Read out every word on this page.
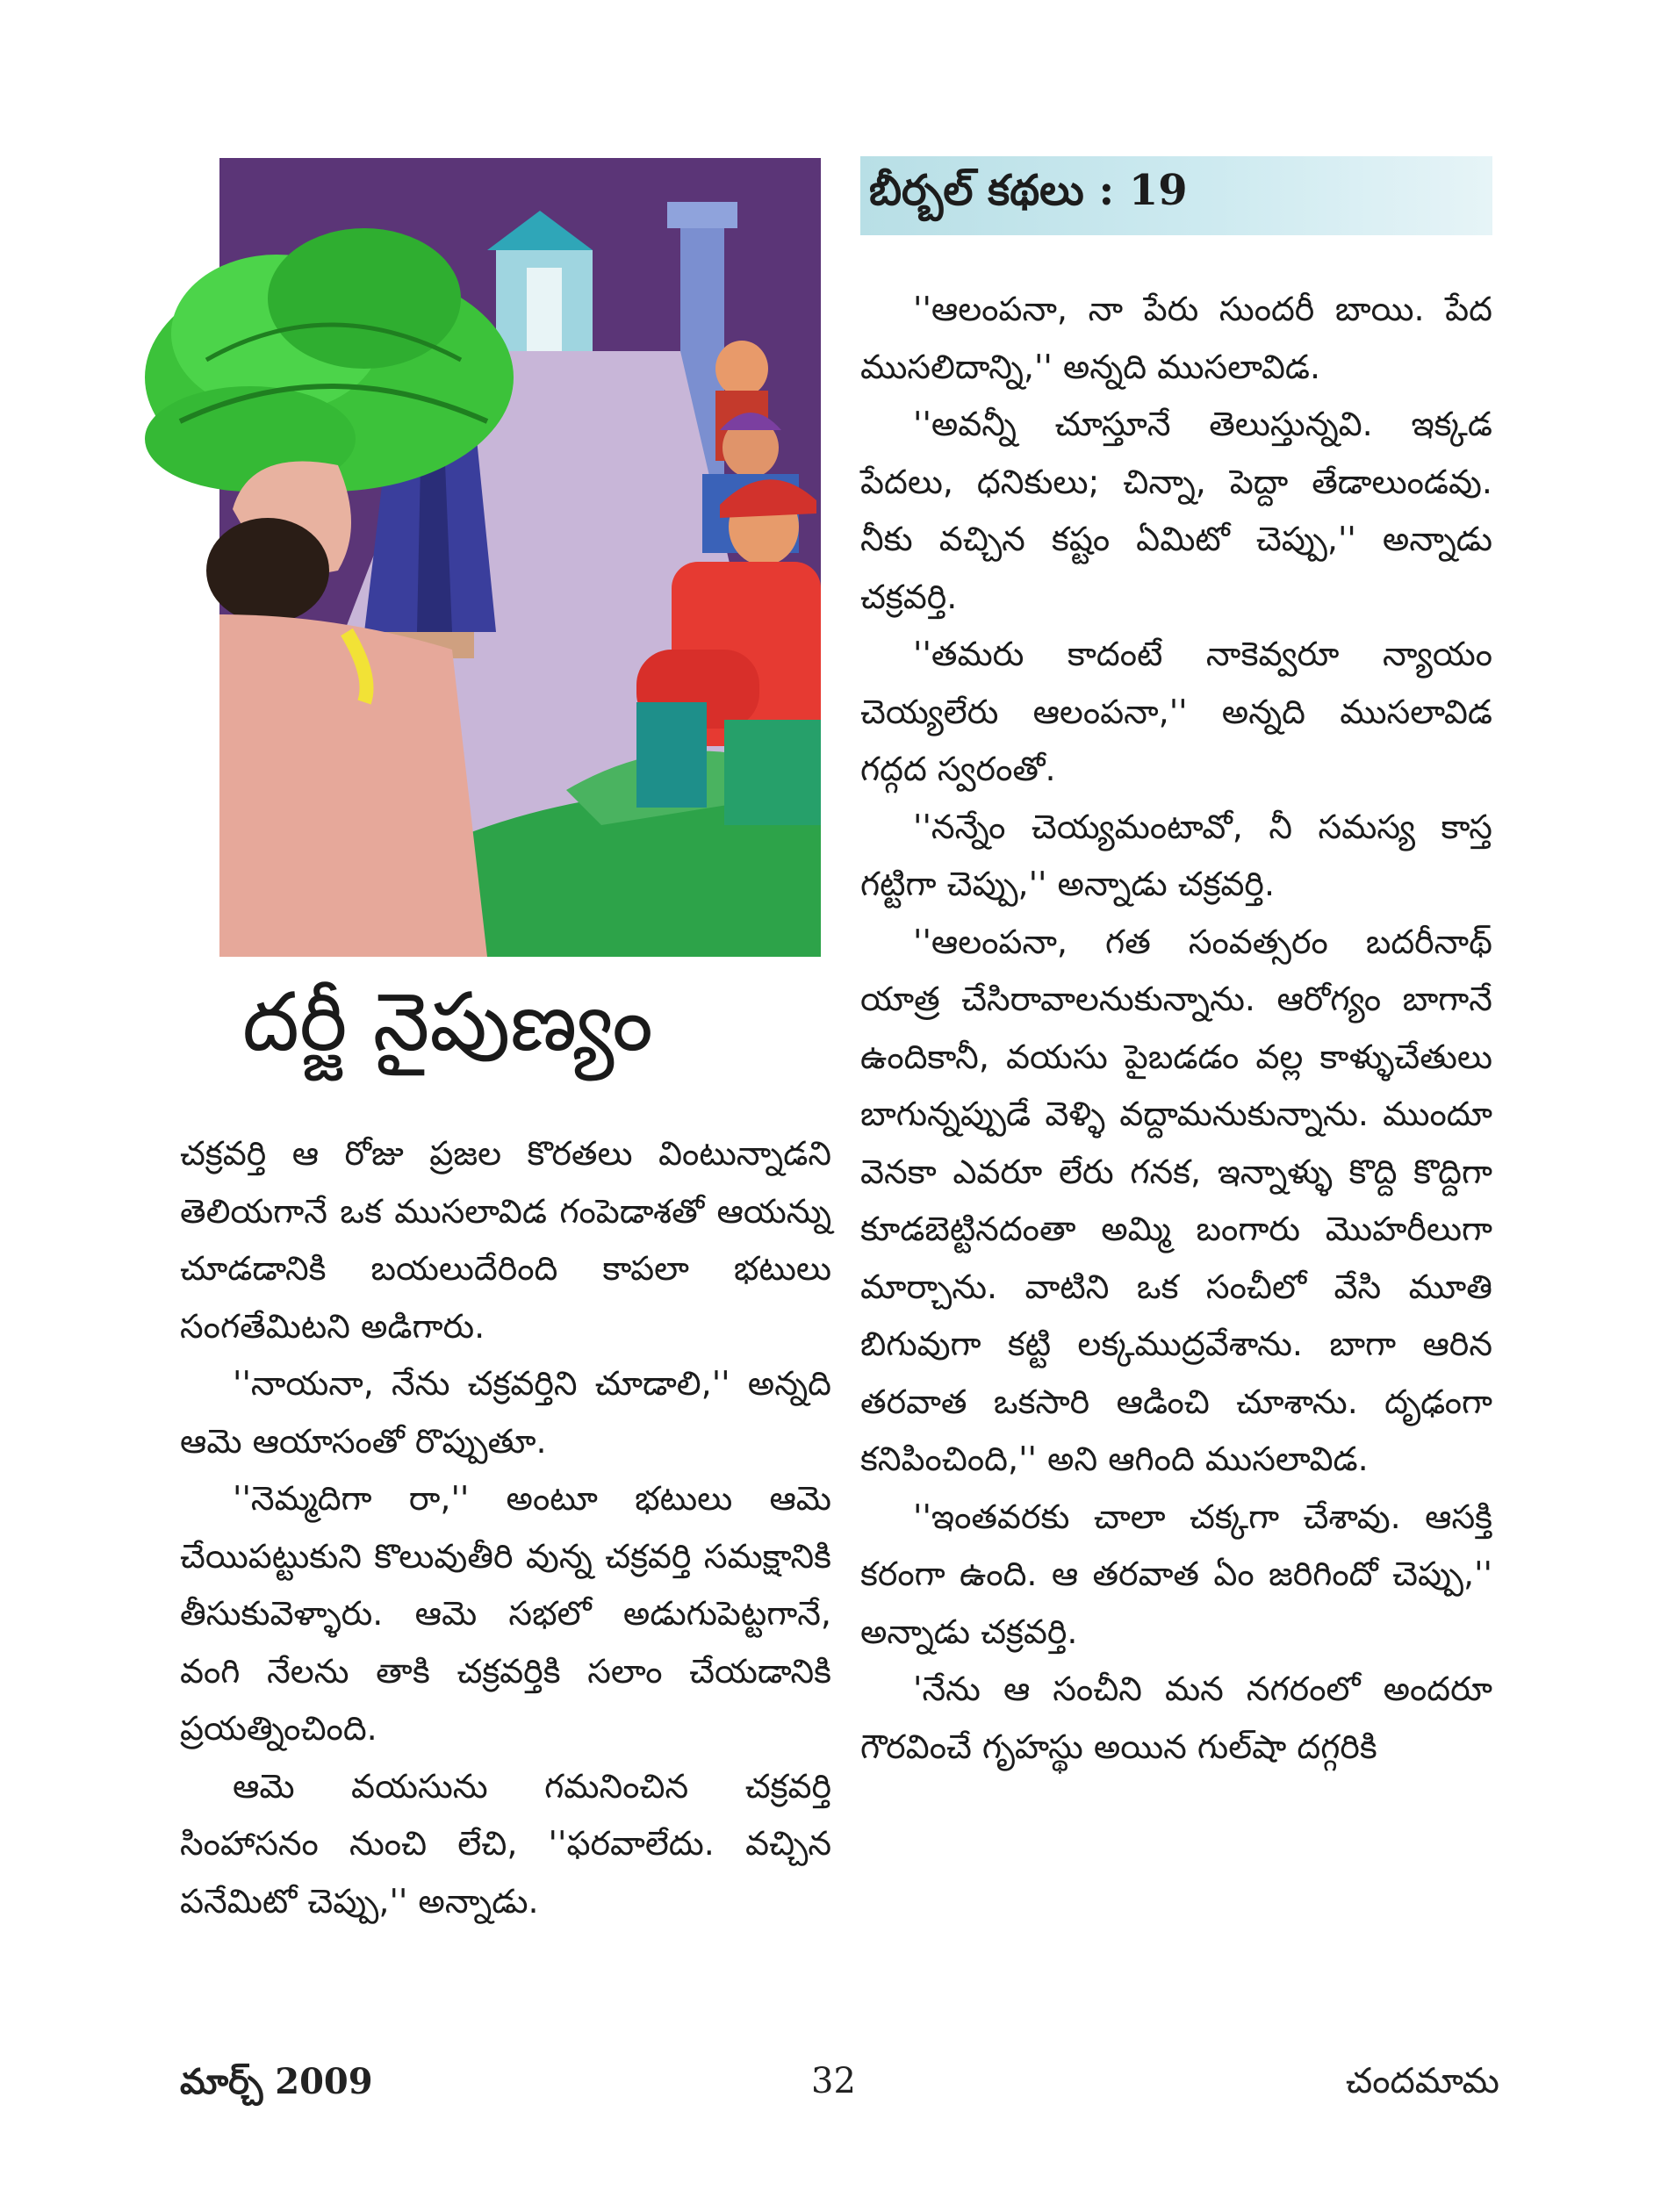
బీర్బల్ కథలు : 19
దర్జీ నైపుణ్యం

చక్రవర్తి ఆ రోజు ప్రజల కొరతలు వింటున్నాడని తెలియగానే ఒక ముసలావిడ గంపెడాశతో ఆయన్ను చూడడానికి బయలుదేరింది కాపలా భటులు సంగతేమిటని అడిగారు.

''నాయనా, నేను చక్రవర్తిని చూడాలి,'' అన్నది ఆమె ఆయాసంతో రొప్పుతూ.

''నెమ్మదిగా రా,'' అంటూ భటులు ఆమె చేయిపట్టుకుని కొలువుతీరి వున్న చక్రవర్తి సమక్షానికి తీసుకువెళ్ళారు. ఆమె సభలో అడుగుపెట్టగానే, వంగి నేలను తాకి చక్రవర్తికి సలాం చేయడానికి ప్రయత్నించింది.

ఆమె వయసును గమనించిన చక్రవర్తి సింహాసనం నుంచి లేచి, ''ఫరవాలేదు. వచ్చిన పనేమిటో చెప్పు,'' అన్నాడు.

''ఆలంపనా, నా పేరు సుందరీ బాయి. పేద ముసలిదాన్ని,'' అన్నది ముసలావిడ.

''అవన్నీ చూస్తూనే తెలుస్తున్నవి. ఇక్కడ పేదలు, ధనికులు; చిన్నా, పెద్దా తేడాలుండవు. నీకు వచ్చిన కష్టం ఏమిటో చెప్పు,'' అన్నాడు చక్రవర్తి.

''తమరు కాదంటే నాకెవ్వరూ న్యాయం చెయ్యలేరు ఆలంపనా,'' అన్నది ముసలావిడ గద్గద స్వరంతో.

''నన్నేం చెయ్యమంటావో, నీ సమస్య కాస్త గట్టిగా చెప్పు,'' అన్నాడు చక్రవర్తి.

''ఆలంపనా, గత సంవత్సరం బదరీనాథ్ యాత్ర చేసిరావాలనుకున్నాను. ఆరోగ్యం బాగానే ఉందికానీ, వయసు పైబడడం వల్ల కాళ్ళుచేతులు బాగున్నప్పుడే వెళ్ళి వద్దామనుకున్నాను. ముందూ వెనకా ఎవరూ లేరు గనక, ఇన్నాళ్ళు కొద్ది కొద్దిగా కూడబెట్టినదంతా అమ్మి బంగారు మొహరీలుగా మార్చాను. వాటిని ఒక సంచీలో వేసి మూతి బిగువుగా కట్టి లక్కముద్రవేశాను. బాగా ఆరిన తరవాత ఒకసారి ఆడించి చూశాను. దృఢంగా కనిపించింది,'' అని ఆగింది ముసలావిడ.

''ఇంతవరకు చాలా చక్కగా చేశావు. ఆసక్తి కరంగా ఉంది. ఆ తరవాత ఏం జరిగిందో చెప్పు,'' అన్నాడు చక్రవర్తి.

'నేను ఆ సంచీని మన నగరంలో అందరూ గౌరవించే గృహస్థు అయిన గుల్‌షా దగ్గరికి

మార్చ్ 2009	32	చందమామ
